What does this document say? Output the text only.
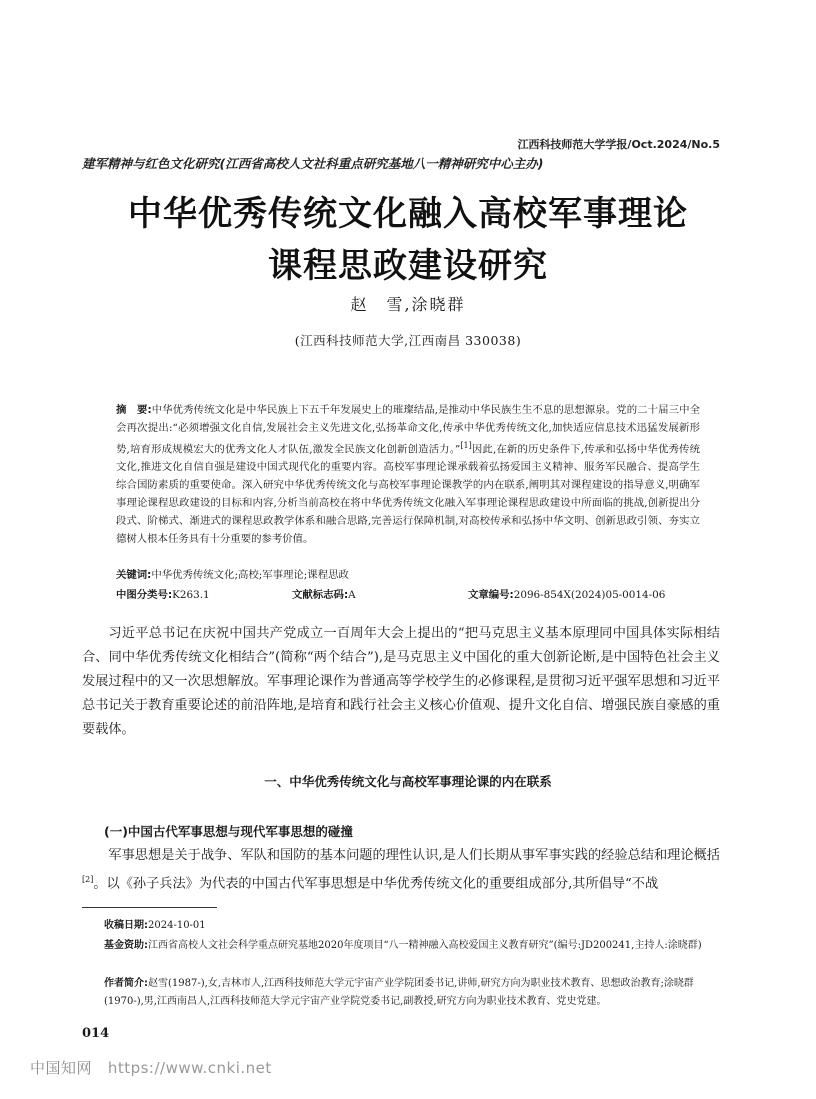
江西科技师范大学学报/Oct.2024/No.5
建军精神与红色文化研究(江西省高校人文社科重点研究基地八一精神研究中心主办)
中华优秀传统文化融入高校军事理论
课程思政建设研究
赵　雪,涂晓群
(江西科技师范大学,江西南昌 330038)
摘　要:中华优秀传统文化是中华民族上下五千年发展史上的璀璨结晶,是推动中华民族生生不息的思想源泉。党的二十届三中全会再次提出:“必须增强文化自信,发展社会主义先进文化,弘扬革命文化,传承中华优秀传统文化,加快适应信息技术迅猛发展新形势,培育形成规模宏大的优秀文化人才队伍,激发全民族文化创新创造活力。”[1]因此,在新的历史条件下,传承和弘扬中华优秀传统文化,推进文化自信自强是建设中国式现代化的重要内容。高校军事理论课承载着弘扬爱国主义精神、服务军民融合、提高学生综合国防素质的重要使命。深入研究中华优秀传统文化与高校军事理论课教学的内在联系,阐明其对课程建设的指导意义,明确军事理论课程思政建设的目标和内容,分析当前高校在将中华优秀传统文化融入军事理论课程思政建设中所面临的挑战,创新提出分段式、阶梯式、渐进式的课程思政教学体系和融合思路,完善运行保障机制,对高校传承和弘扬中华文明、创新思政引领、夯实立德树人根本任务具有十分重要的参考价值。
关键词:中华优秀传统文化;高校;军事理论;课程思政
中图分类号:K263.1	文献标志码:A	文章编号:2096-854X(2024)05-0014-06
习近平总书记在庆祝中国共产党成立一百周年大会上提出的“把马克思主义基本原理同中国具体实际相结合、同中华优秀传统文化相结合”(简称“两个结合”),是马克思主义中国化的重大创新论断,是中国特色社会主义发展过程中的又一次思想解放。军事理论课作为普通高等学校学生的必修课程,是贯彻习近平强军思想和习近平总书记关于教育重要论述的前沿阵地,是培育和践行社会主义核心价值观、提升文化自信、增强民族自豪感的重要载体。
一、中华优秀传统文化与高校军事理论课的内在联系
(一)中国古代军事思想与现代军事思想的碰撞
军事思想是关于战争、军队和国防的基本问题的理性认识,是人们长期从事军事实践的经验总结和理论概括[2]。以《孙子兵法》为代表的中国古代军事思想是中华优秀传统文化的重要组成部分,其所倡导“不战
收稿日期:2024-10-01
基金资助:江西省高校人文社会科学重点研究基地2020年度项目“八一精神融入高校爱国主义教育研究”(编号:JD200241,主持人:涂晓群)
作者简介:赵雪(1987-),女,吉林市人,江西科技师范大学元宇宙产业学院团委书记,讲师,研究方向为职业技术教育、思想政治教育;涂晓群(1970-),男,江西南昌人,江西科技师范大学元宇宙产业学院党委书记,副教授,研究方向为职业技术教育、党史党建。
014
中国知网 https://www.cnki.net
